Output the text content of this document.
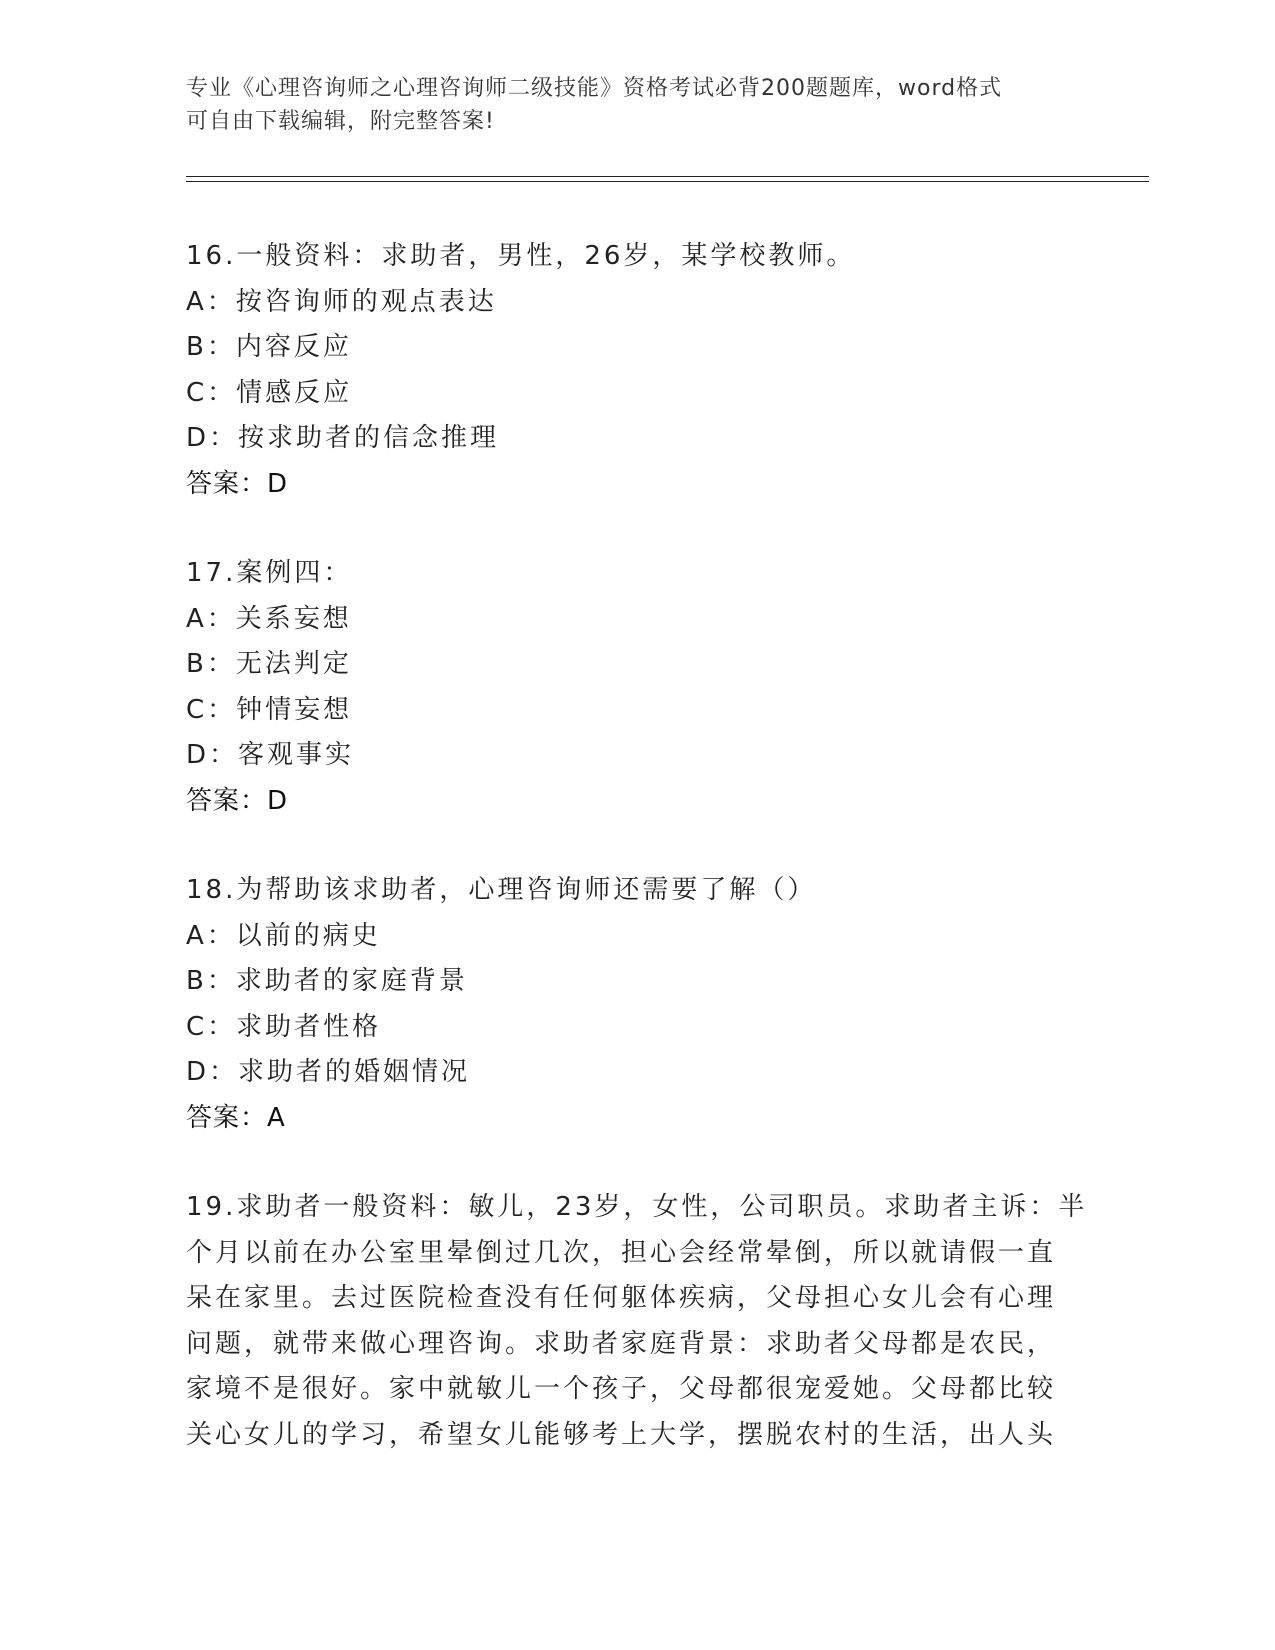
专业《心理咨询师之心理咨询师二级技能》资格考试必背200题题库，word格式
可自由下载编辑，附完整答案!
16.一般资料：求助者，男性，26岁，某学校教师。
A：按咨询师的观点表达
B：内容反应
C：情感反应
D：按求助者的信念推理
答案：D
17.案例四：
A：关系妄想
B：无法判定
C：钟情妄想
D：客观事实
答案：D
18.为帮助该求助者，心理咨询师还需要了解（）
A：以前的病史
B：求助者的家庭背景
C：求助者性格
D：求助者的婚姻情况
答案：A
19.求助者一般资料：敏儿，23岁，女性，公司职员。求助者主诉：半
个月以前在办公室里晕倒过几次，担心会经常晕倒，所以就请假一直
呆在家里。去过医院检查没有任何躯体疾病，父母担心女儿会有心理
问题，就带来做心理咨询。求助者家庭背景：求助者父母都是农民，
家境不是很好。家中就敏儿一个孩子，父母都很宠爱她。父母都比较
关心女儿的学习，希望女儿能够考上大学，摆脱农村的生活，出人头
